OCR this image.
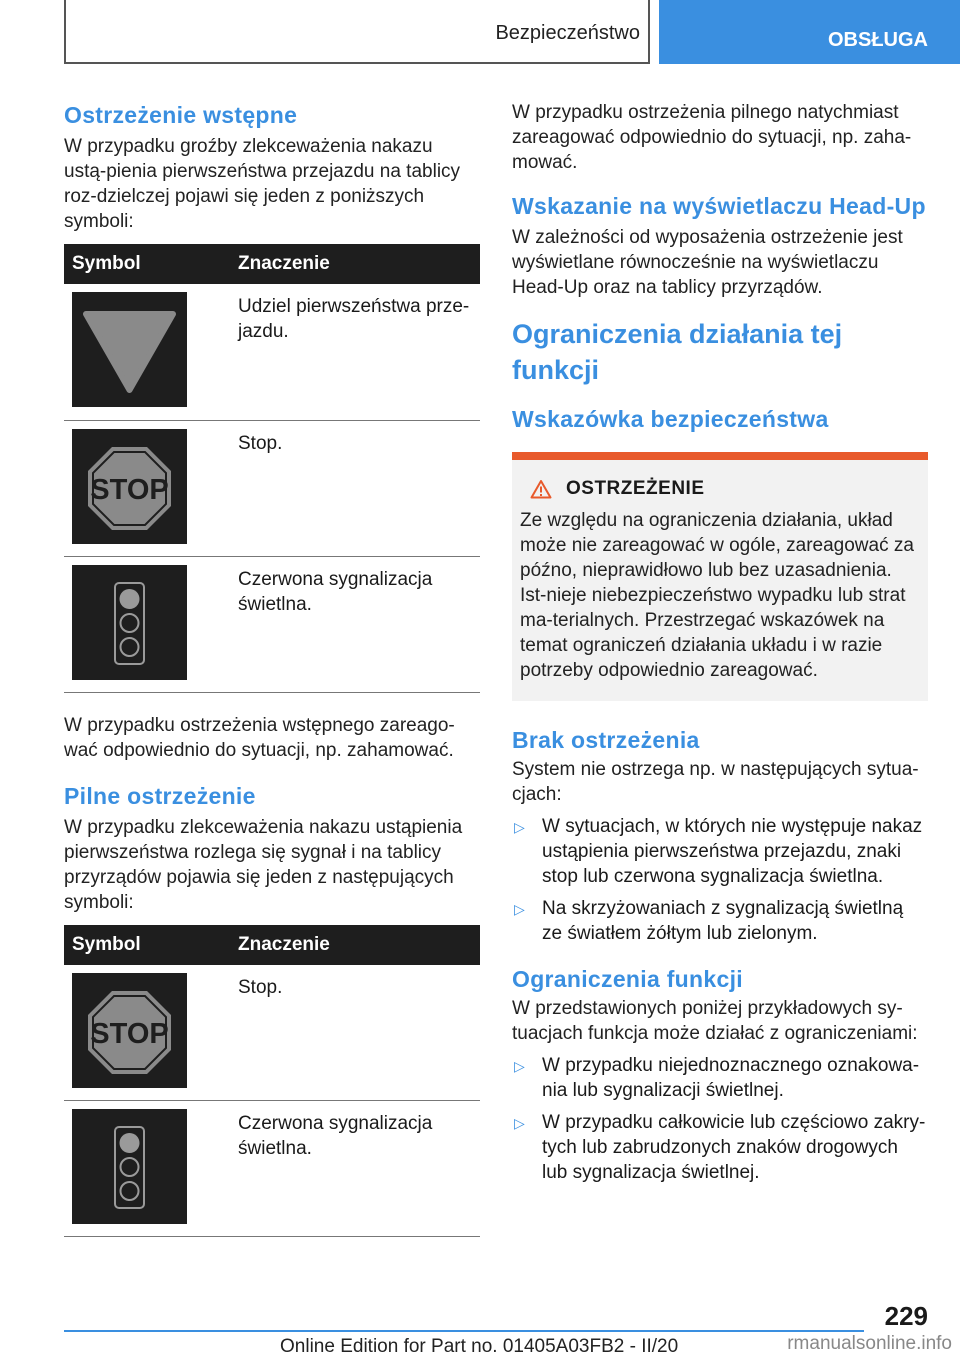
Bezpieczeństwo	OBSŁUGA
Ostrzeżenie wstępne

W przypadku groźby zlekceważenia nakazu ustą-pienia pierwszeństwa przejazdu na tablicy roz-dzielczej pojawi się jeden z poniższych symboli:

Symbol	Znaczenie

	Udziel pierwszeństwa prze-jazdu.

STOP	Stop.

	Czerwona sygnalizacja świetlna.

W przypadku ostrzeżenia wstępnego zareago-wać odpowiednio do sytuacji, np. zahamować.

Pilne ostrzeżenie

W przypadku zlekceważenia nakazu ustąpienia pierwszeństwa rozlega się sygnał i na tablicy przyrządów pojawia się jeden z następujących symboli:

Symbol	Znaczenie

STOP	Stop.

	Czerwona sygnalizacja świetlna.

W przypadku ostrzeżenia pilnego natychmiast zareagować odpowiednio do sytuacji, np. zaha-mować.

Wskazanie na wyświetlaczu Head-Up

W zależności od wyposażenia ostrzeżenie jest wyświetlane równocześnie na wyświetlaczu Head-Up oraz na tablicy przyrządów.

Ograniczenia działania tej funkcji
Wskazówka bezpieczeństwa
OSTRZEŻENIE

Ze względu na ograniczenia działania, układ może nie zareagować w ogóle, zareagować za późno, nieprawidłowo lub bez uzasadnienia. Ist-nieje niebezpieczeństwo wypadku lub strat ma-terialnych. Przestrzegać wskazówek na temat ograniczeń działania układu i w razie potrzeby odpowiednio zareagować.

Brak ostrzeżenia

System nie ostrzega np. w następujących sytua-cjach:

▷ W sytuacjach, w których nie występuje nakaz ustąpienia pierwszeństwa przejazdu, znaki stop lub czerwona sygnalizacja świetlna.
▷ Na skrzyżowaniach z sygnalizacją świetlną ze światłem żółtym lub zielonym.
Ograniczenia funkcji

W przedstawionych poniżej przykładowych sy-tuacjach funkcja może działać z ograniczeniami:

▷ W przypadku niejednoznacznego oznakowa-nia lub sygnalizacji świetlnej.
▷ W przypadku całkowicie lub częściowo zakry-tych lub zabrudzonych znaków drogowych lub sygnalizacja świetlnej.
229
Online Edition for Part no. 01405A03FB2 - II/20	rmanualsonline.info
